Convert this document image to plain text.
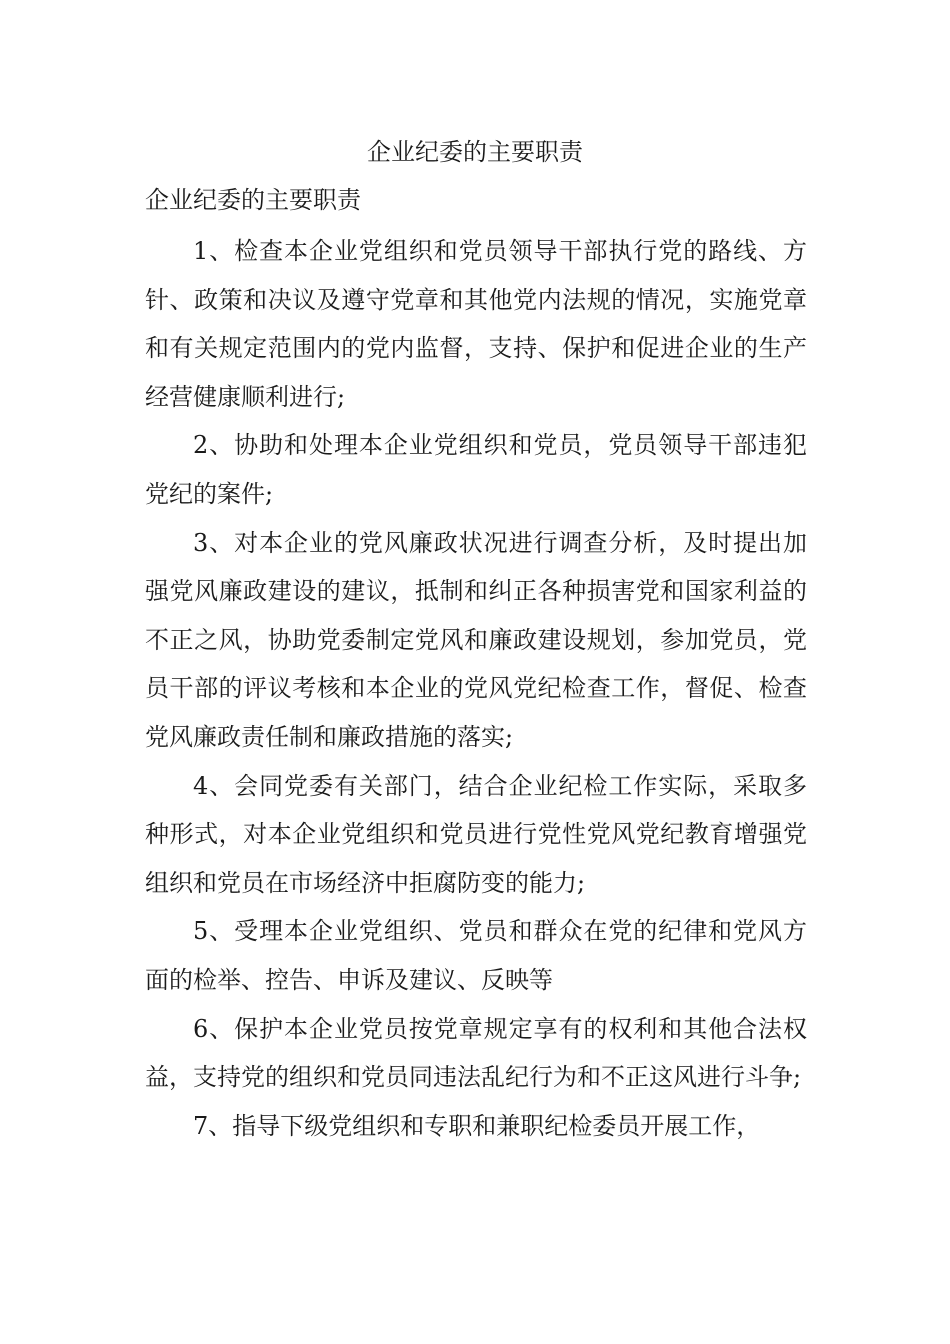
企业纪委的主要职责

企业纪委的主要职责

1、检查本企业党组织和党员领导干部执行党的路线、方针、政策和决议及遵守党章和其他党内法规的情况，实施党章和有关规定范围内的党内监督，支持、保护和促进企业的生产经营健康顺利进行;

2、协助和处理本企业党组织和党员，党员领导干部违犯党纪的案件;

3、对本企业的党风廉政状况进行调查分析，及时提出加强党风廉政建设的建议，抵制和纠正各种损害党和国家利益的不正之风，协助党委制定党风和廉政建设规划，参加党员，党员干部的评议考核和本企业的党风党纪检查工作，督促、检查党风廉政责任制和廉政措施的落实;

4、会同党委有关部门，结合企业纪检工作实际，采取多种形式，对本企业党组织和党员进行党性党风党纪教育增强党组织和党员在市场经济中拒腐防变的能力;

5、受理本企业党组织、党员和群众在党的纪律和党风方面的检举、控告、申诉及建议、反映等

6、保护本企业党员按党章规定享有的权利和其他合法权益，支持党的组织和党员同违法乱纪行为和不正这风进行斗争;

7、指导下级党组织和专职和兼职纪检委员开展工作，
